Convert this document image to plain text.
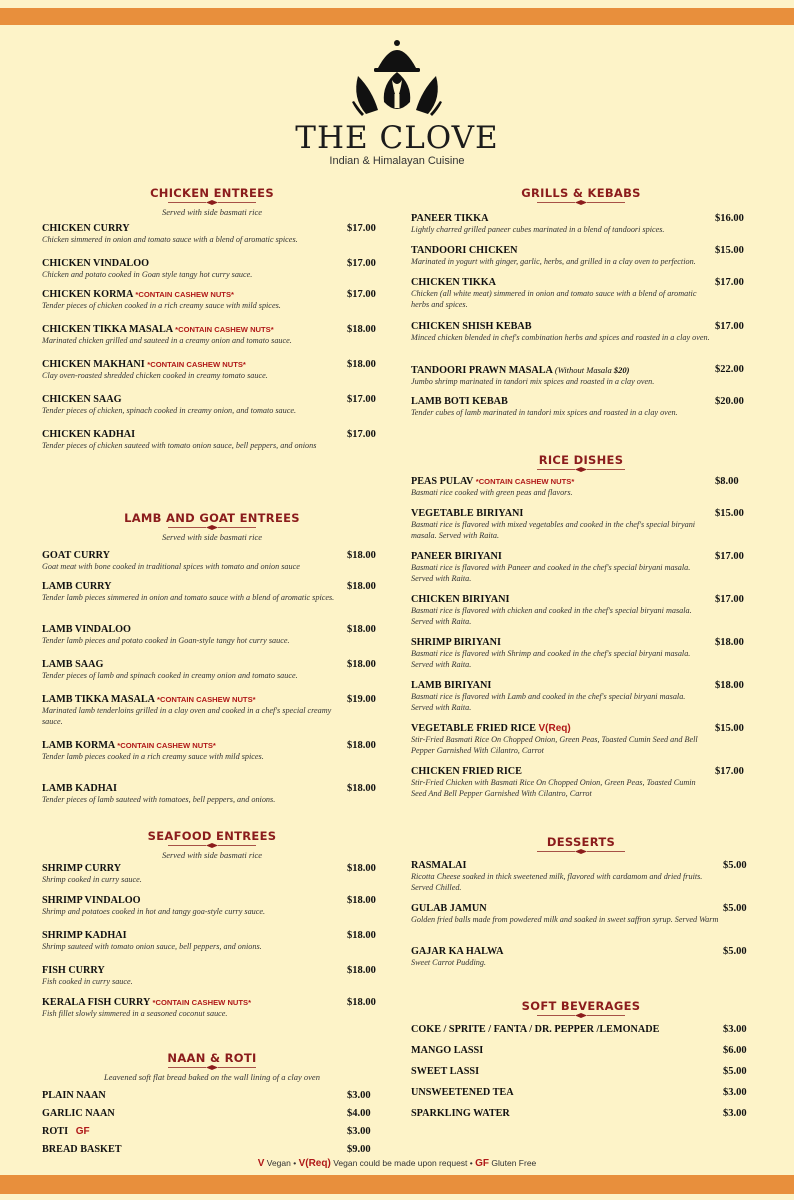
THE CLOVE
Indian & Himalayan Cuisine
CHICKEN ENTREES
Served with side basmati rice
CHICKEN CURRY
Chicken simmered in onion and tomato sauce with a blend of aromatic spices.
$17.00
CHICKEN VINDALOO
Chicken and potato cooked in Goan style tangy hot curry sauce.
$17.00
CHICKEN KORMA *CONTAIN CASHEW NUTS*
Tender pieces of chicken cooked in a rich creamy sauce with mild spices.
$17.00
CHICKEN TIKKA MASALA *CONTAIN CASHEW NUTS*
Marinated chicken grilled and sauteed in a creamy onion and tomato sauce.
$18.00
CHICKEN MAKHANI *CONTAIN CASHEW NUTS*
Clay oven-roasted shredded chicken cooked in creamy tomato sauce.
$18.00
CHICKEN SAAG
Tender pieces of chicken, spinach cooked in creamy onion, and tomato sauce.
$17.00
CHICKEN KADHAI
Tender pieces of chicken sauteed with tomato onion sauce, bell peppers, and onions
$17.00
LAMB AND GOAT ENTREES
Served with side basmati rice
GOAT CURRY
Goat meat with bone cooked in traditional spices with tomato and onion sauce
$18.00
LAMB CURRY
Tender lamb pieces simmered in onion and tomato sauce with a blend of aromatic spices.
$18.00
LAMB VINDALOO
Tender lamb pieces and potato cooked in Goan-style tangy hot curry sauce.
$18.00
LAMB SAAG
Tender pieces of lamb and spinach cooked in creamy onion and tomato sauce.
$18.00
LAMB TIKKA MASALA *CONTAIN CASHEW NUTS*
Marinated lamb tenderloins grilled in a clay oven and cooked in a chef's special creamy sauce.
$19.00
LAMB KORMA *CONTAIN CASHEW NUTS*
Tender lamb pieces cooked in a rich creamy sauce with mild spices.
$18.00
LAMB KADHAI
Tender pieces of lamb sauteed with tomatoes, bell peppers, and onions.
$18.00
SEAFOOD ENTREES
Served with side basmati rice
SHRIMP CURRY
Shrimp cooked in curry sauce.
$18.00
SHRIMP VINDALOO
Shrimp and potatoes cooked in hot and tangy goa-style curry sauce.
$18.00
SHRIMP KADHAI
Shrimp sauteed with tomato onion sauce, bell peppers, and onions.
$18.00
FISH CURRY
Fish cooked in curry sauce.
$18.00
KERALA FISH CURRY *CONTAIN CASHEW NUTS*
Fish fillet slowly simmered in a seasoned coconut sauce.
$18.00
NAAN & ROTI
Leavened soft flat bread baked on the wall lining of a clay oven
PLAIN NAAN	$3.00
GARLIC NAAN	$4.00
ROTI GF	$3.00
BREAD BASKET	$9.00
GRILLS & KEBABS
PANEER TIKKA
Lightly charred grilled paneer cubes marinated in a blend of tandoori spices.
$16.00
TANDOORI CHICKEN
Marinated in yogurt with ginger, garlic, herbs, and grilled in a clay oven to perfection.
$15.00
CHICKEN TIKKA
Chicken (all white meat) simmered in onion and tomato sauce with a blend of aromatic herbs and spices.
$17.00
CHICKEN SHISH KEBAB
Minced chicken blended in chef's combination herbs and spices and roasted in a clay oven.
$17.00
TANDOORI PRAWN MASALA (Without Masala $20)
Jumbo shrimp marinated in tandori mix spices and roasted in a clay oven.
$22.00
LAMB BOTI KEBAB
Tender cubes of lamb marinated in tandori mix spices and roasted in a clay oven.
$20.00
RICE DISHES
PEAS PULAV *CONTAIN CASHEW NUTS*
Basmati rice cooked with green peas and flavors.
$8.00
VEGETABLE BIRIYANI
Basmati rice is flavored with mixed vegetables and cooked in the chef's special biryani masala. Served with Raita.
$15.00
PANEER BIRIYANI
Basmati rice is flavored with Paneer and cooked in the chef's special biryani masala. Served with Raita.
$17.00
CHICKEN BIRIYANI
Basmati rice is flavored with chicken and cooked in the chef's special biryani masala. Served with Raita.
$17.00
SHRIMP BIRIYANI
Basmati rice is flavored with Shrimp and cooked in the chef's special biryani masala. Served with Raita.
$18.00
LAMB BIRIYANI
Basmati rice is flavored with Lamb and cooked in the chef's special biryani masala. Served with Raita.
$18.00
VEGETABLE FRIED RICE V(Req)
Stir-Fried Basmati Rice On Chopped Onion, Green Peas, Toasted Cumin Seed and Bell Pepper Garnished With Cilantro, Carrot
$15.00
CHICKEN FRIED RICE
Stir-Fried Chicken with Basmati Rice On Chopped Onion, Green Peas, Toasted Cumin Seed And Bell Pepper Garnished With Cilantro, Carrot
$17.00
DESSERTS
RASMALAI
Ricotta Cheese soaked in thick sweetened milk, flavored with cardamom and dried fruits. Served Chilled.
$5.00
GULAB JAMUN
Golden fried balls made from powdered milk and soaked in sweet saffron syrup. Served Warm
$5.00
GAJAR KA HALWA
Sweet Carrot Pudding.
$5.00
SOFT BEVERAGES
COKE / SPRITE / FANTA / DR. PEPPER /LEMONADE	$3.00
MANGO LASSI	$6.00
SWEET LASSI	$5.00
UNSWEETENED TEA	$3.00
SPARKLING WATER	$3.00
V Vegan • V(Req) Vegan could be made upon request • GF Gluten Free
